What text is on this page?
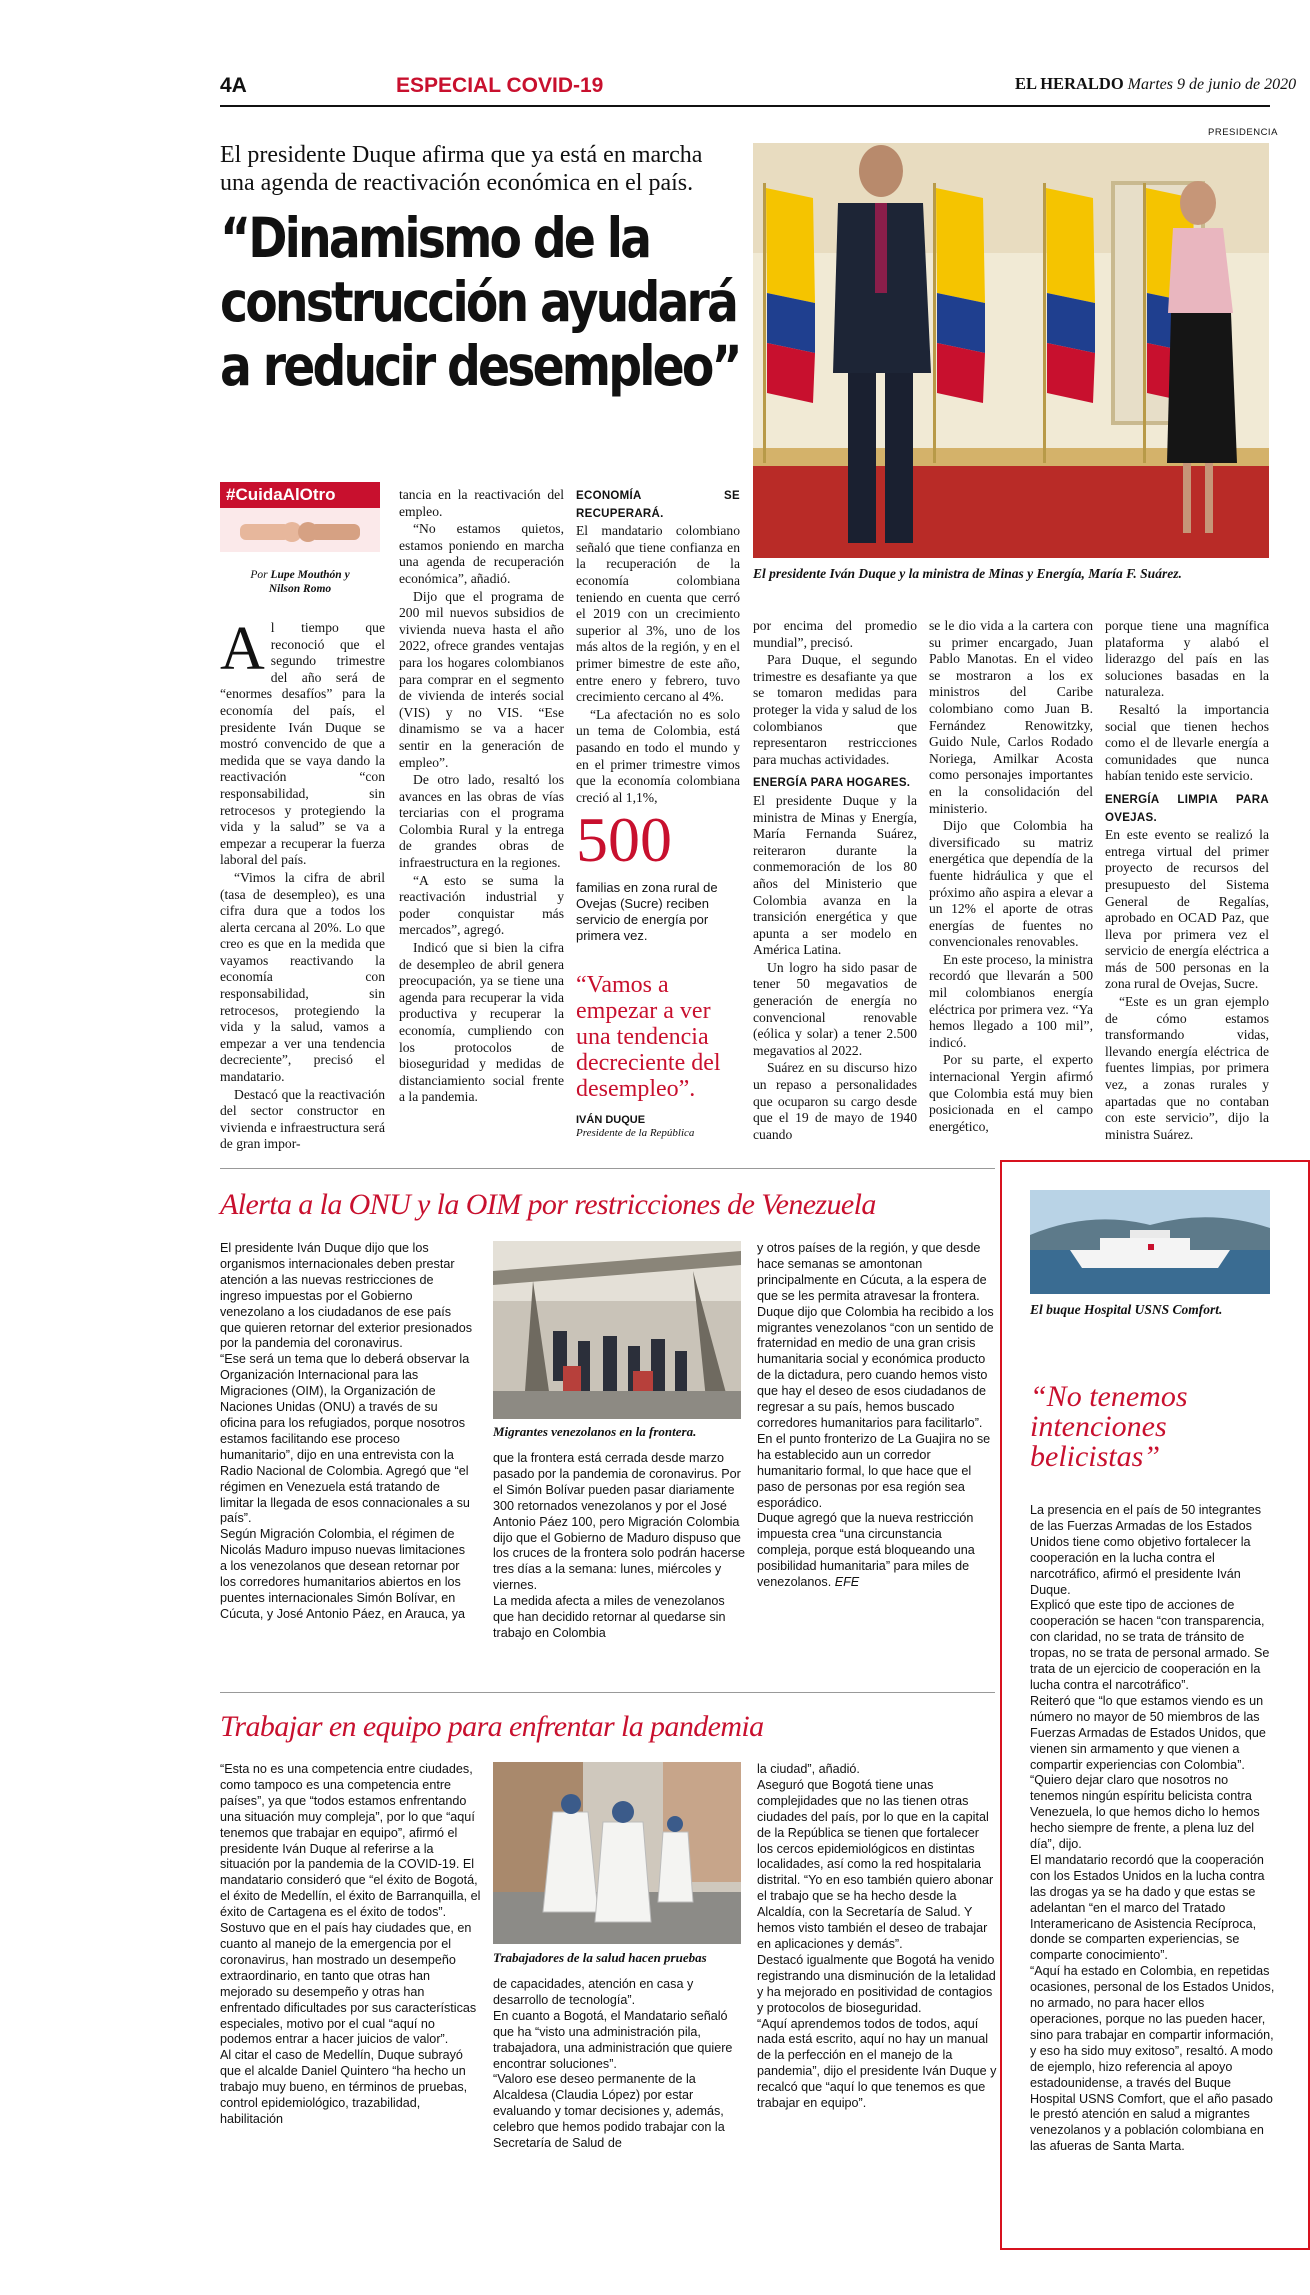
4A	ESPECIAL COVID-19	EL HERALDO Martes 9 de junio de 2020
PRESIDENCIA
El presidente Duque afirma que ya está en marcha una agenda de reactivación económica en el país.
“Dinamismo de la
construcción ayudará
a reducir desempleo”
El presidente Iván Duque y la ministra de Minas y Energía, María F. Suárez.
#CuidaAlOtro
Por Lupe Mouthón y
Nilson Romo

Al tiempo que reconoció que el segundo trimestre del año será de “enormes desafíos” para la economía del país, el presidente Iván Duque se mostró convencido de que a medida que se vaya dando la reactivación “con responsabilidad, sin retrocesos y protegiendo la vida y la salud” se va a empezar a recuperar la fuerza laboral del país.

“Vimos la cifra de abril (tasa de desempleo), es una cifra dura que a todos los alerta cercana al 20%. Lo que creo es que en la medida que vayamos reactivando la economía con responsabilidad, sin retrocesos, protegiendo la vida y la salud, vamos a empezar a ver una tendencia decreciente”, precisó el mandatario.

Destacó que la reactivación del sector constructor en vivienda e infraestructura será de gran impor-

tancia en la reactivación del empleo.

“No estamos quietos, estamos poniendo en marcha una agenda de recuperación económica”, añadió.

Dijo que el programa de 200 mil nuevos subsidios de vivienda nueva hasta el año 2022, ofrece grandes ventajas para los hogares colombianos para comprar en el segmento de vivienda de interés social (VIS) y no VIS. “Ese dinamismo se va a hacer sentir en la generación de empleo”.

De otro lado, resaltó los avances en las obras de vías terciarias con el programa Colombia Rural y la entrega de grandes obras de infraestructura en la regiones.

“A esto se suma la reactivación industrial y poder conquistar más mercados”, agregó.

Indicó que si bien la cifra de desempleo de abril genera preocupación, ya se tiene una agenda para recuperar la vida productiva y recuperar la economía, cumpliendo con los protocolos de bioseguridad y medidas de distanciamiento social frente a la pandemia.

ECONOMÍA SE RECUPERARÁ.

El mandatario colombiano señaló que tiene confianza en la recuperación de la economía colombiana teniendo en cuenta que cerró el 2019 con un crecimiento superior al 3%, uno de los más altos de la región, y en el primer bimestre de este año, entre enero y febrero, tuvo crecimiento cercano al 4%.

“La afectación no es solo un tema de Colombia, está pasando en todo el mundo y en el primer trimestre vimos que la economía colombiana creció al 1,1%,

500
familias en zona rural de Ovejas (Sucre) reciben servicio de energía por primera vez.
“Vamos a empezar a ver una tendencia decreciente del desempleo”.
IVÁN DUQUE
Presidente de la República

por encima del promedio mundial”, precisó.

Para Duque, el segundo trimestre es desafiante ya que se tomaron medidas para proteger la vida y salud de los colombianos que representaron restricciones para muchas actividades.

ENERGÍA PARA HOGARES.

El presidente Duque y la ministra de Minas y Energía, María Fernanda Suárez, reiteraron durante la conmemoración de los 80 años del Ministerio que Colombia avanza en la transición energética y que apunta a ser modelo en América Latina.

Un logro ha sido pasar de tener 50 megavatios de generación de energía no convencional renovable (eólica y solar) a tener 2.500 megavatios al 2022.

Suárez en su discurso hizo un repaso a personalidades que ocuparon su cargo desde que el 19 de mayo de 1940 cuando

se le dio vida a la cartera con su primer encargado, Juan Pablo Manotas. En el video se mostraron a los ex ministros del Caribe colombiano como Juan B. Fernández Renowitzky, Guido Nule, Carlos Rodado Noriega, Amilkar Acosta como personajes importantes en la consolidación del ministerio.

Dijo que Colombia ha diversificado su matriz energética que dependía de la fuente hidráulica y que el próximo año aspira a elevar a un 12% el aporte de otras energías de fuentes no convencionales renovables.

En este proceso, la ministra recordó que llevarán a 500 mil colombianos energía eléctrica por primera vez. “Ya hemos llegado a 100 mil”, indicó.

Por su parte, el experto internacional Yergin afirmó que Colombia está muy bien posicionada en el campo energético,

porque tiene una magnífica plataforma y alabó el liderazgo del país en las soluciones basadas en la naturaleza.

Resaltó la importancia social que tienen hechos como el de llevarle energía a comunidades que nunca habían tenido este servicio.

ENERGÍA LIMPIA PARA OVEJAS.

En este evento se realizó la entrega virtual del primer proyecto de recursos del presupuesto del Sistema General de Regalías, aprobado en OCAD Paz, que lleva por primera vez el servicio de energía eléctrica a más de 500 personas en la zona rural de Ovejas, Sucre.

“Este es un gran ejemplo de cómo estamos transformando vidas, llevando energía eléctrica de fuentes limpias, por primera vez, a zonas rurales y apartadas que no contaban con este servicio”, dijo la ministra Suárez.

Alerta a la ONU y la OIM por restricciones de Venezuela
El presidente Iván Duque dijo que los organismos internacionales deben prestar atención a las nuevas restricciones de ingreso impuestas por el Gobierno venezolano a los ciudadanos de ese país que quieren retornar del exterior presionados por la pandemia del coronavirus.
“Ese será un tema que lo deberá observar la Organización Internacional para las Migraciones (OIM), la Organización de Naciones Unidas (ONU) a través de su oficina para los refugiados, porque nosotros estamos facilitando ese proceso humanitario”, dijo en una entrevista con la Radio Nacional de Colombia. Agregó que “el régimen en Venezuela está tratando de limitar la llegada de esos connacionales a su país”.
Según Migración Colombia, el régimen de Nicolás Maduro impuso nuevas limitaciones a los venezolanos que desean retornar por los corredores humanitarios abiertos en los puentes internacionales Simón Bolívar, en Cúcuta, y José Antonio Páez, en Arauca, ya
Migrantes venezolanos en la frontera.
que la frontera está cerrada desde marzo pasado por la pandemia de coronavirus. Por el Simón Bolívar pueden pasar diariamente 300 retornados venezolanos y por el José Antonio Páez 100, pero Migración Colombia dijo que el Gobierno de Maduro dispuso que los cruces de la frontera solo podrán hacerse tres días a la semana: lunes, miércoles y viernes.
La medida afecta a miles de venezolanos que han decidido retornar al quedarse sin trabajo en Colombia
y otros países de la región, y que desde hace semanas se amontonan principalmente en Cúcuta, a la espera de que se les permita atravesar la frontera.
Duque dijo que Colombia ha recibido a los migrantes venezolanos “con un sentido de fraternidad en medio de una gran crisis humanitaria social y económica producto de la dictadura, pero cuando hemos visto que hay el deseo de esos ciudadanos de regresar a su país, hemos buscado corredores humanitarios para facilitarlo”.
En el punto fronterizo de La Guajira no se ha establecido aun un corredor humanitario formal, lo que hace que el paso de personas por esa región sea esporádico.
Duque agregó que la nueva restricción impuesta crea “una circunstancia compleja, porque está bloqueando una posibilidad humanitaria” para miles de venezolanos. EFE
Trabajar en equipo para enfrentar la pandemia
“Esta no es una competencia entre ciudades, como tampoco es una competencia entre países”, ya que “todos estamos enfrentando una situación muy compleja”, por lo que “aquí tenemos que trabajar en equipo”, afirmó el presidente Iván Duque al referirse a la situación por la pandemia de la COVID-19. El mandatario consideró que “el éxito de Bogotá, el éxito de Medellín, el éxito de Barranquilla, el éxito de Cartagena es el éxito de todos”.
Sostuvo que en el país hay ciudades que, en cuanto al manejo de la emergencia por el coronavirus, han mostrado un desempeño extraordinario, en tanto que otras han mejorado su desempeño y otras han enfrentado dificultades por sus características especiales, motivo por el cual “aquí no podemos entrar a hacer juicios de valor”.
Al citar el caso de Medellín, Duque subrayó que el alcalde Daniel Quintero “ha hecho un trabajo muy bueno, en términos de pruebas, control epidemiológico, trazabilidad, habilitación
Trabajadores de la salud hacen pruebas
de capacidades, atención en casa y desarrollo de tecnología”.
En cuanto a Bogotá, el Mandatario señaló que ha “visto una administración pila, trabajadora, una administración que quiere encontrar soluciones”.
“Valoro ese deseo permanente de la Alcaldesa (Claudia López) por estar evaluando y tomar decisiones y, además, celebro que hemos podido trabajar con la Secretaría de Salud de
la ciudad”, añadió.
Aseguró que Bogotá tiene unas complejidades que no las tienen otras ciudades del país, por lo que en la capital de la República se tienen que fortalecer los cercos epidemiológicos en distintas localidades, así como la red hospitalaria distrital. “Yo en eso también quiero abonar el trabajo que se ha hecho desde la Alcaldía, con la Secretaría de Salud. Y hemos visto también el deseo de trabajar en aplicaciones y demás”.
Destacó igualmente que Bogotá ha venido registrando una disminución de la letalidad y ha mejorado en positividad de contagios y protocolos de bioseguridad.
“Aquí aprendemos todos de todos, aquí nada está escrito, aquí no hay un manual de la perfección en el manejo de la pandemia”, dijo el presidente Iván Duque y recalcó que “aquí lo que tenemos es que trabajar en equipo”.
El buque Hospital USNS Comfort.
“No tenemos
intenciones
belicistas”
La presencia en el país de 50 integrantes de las Fuerzas Armadas de los Estados Unidos tiene como objetivo fortalecer la cooperación en la lucha contra el narcotráfico, afirmó el presidente Iván Duque.
Explicó que este tipo de acciones de cooperación se hacen “con transparencia, con claridad, no se trata de tránsito de tropas, no se trata de personal armado. Se trata de un ejercicio de cooperación en la lucha contra el narcotráfico”.
Reiteró que “lo que estamos viendo es un número no mayor de 50 miembros de las Fuerzas Armadas de Estados Unidos, que vienen sin armamento y que vienen a compartir experiencias con Colombia”.
“Quiero dejar claro que nosotros no tenemos ningún espíritu belicista contra Venezuela, lo que hemos dicho lo hemos hecho siempre de frente, a plena luz del día”, dijo.
El mandatario recordó que la cooperación con los Estados Unidos en la lucha contra las drogas ya se ha dado y que estas se adelantan “en el marco del Tratado Interamericano de Asistencia Recíproca, donde se comparten experiencias, se comparte conocimiento”.
“Aquí ha estado en Colombia, en repetidas ocasiones, personal de los Estados Unidos, no armado, no para hacer ellos operaciones, porque no las pueden hacer, sino para trabajar en compartir información, y eso ha sido muy exitoso”, resaltó. A modo de ejemplo, hizo referencia al apoyo estadounidense, a través del Buque Hospital USNS Comfort, que el año pasado le prestó atención en salud a migrantes venezolanos y a población colombiana en las afueras de Santa Marta.
